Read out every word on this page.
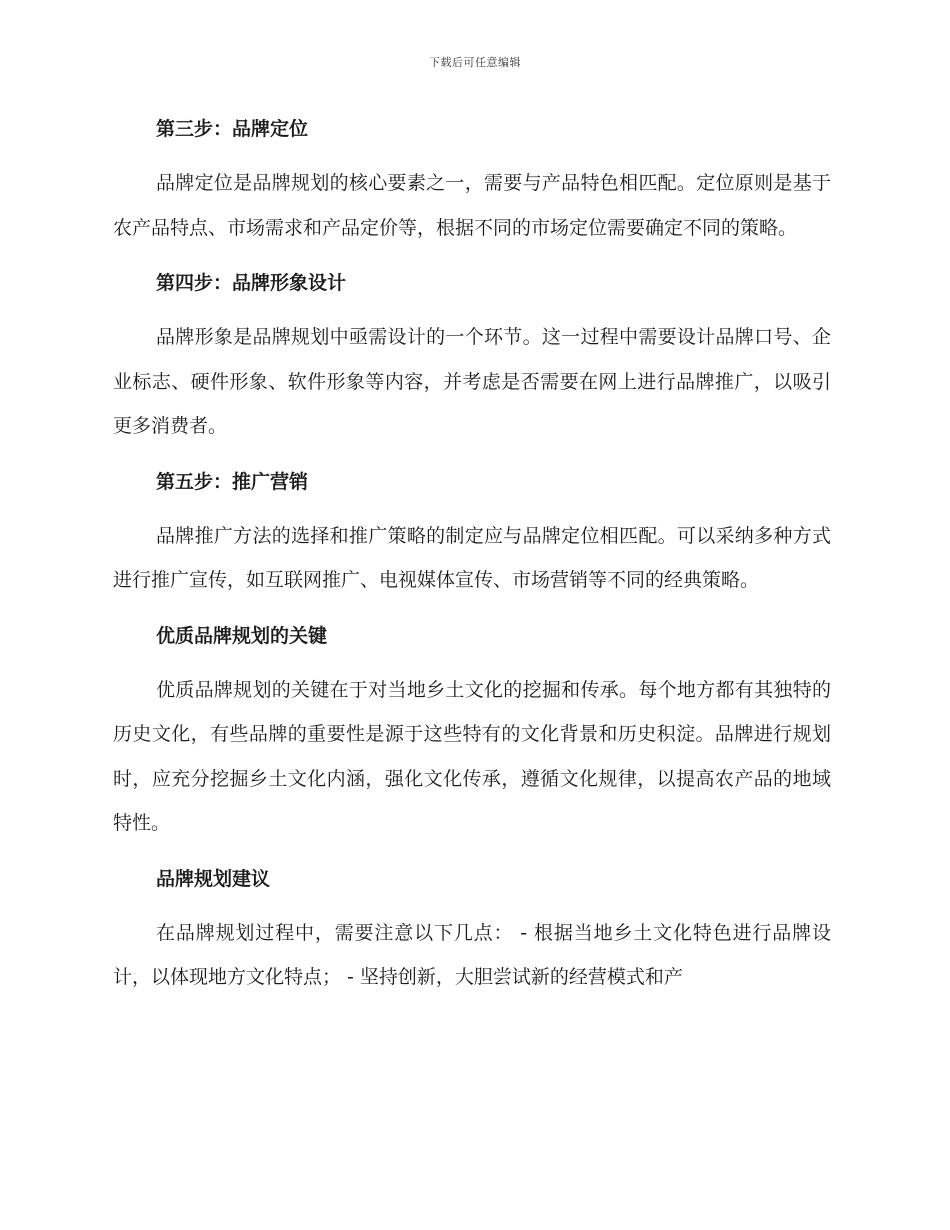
下载后可任意编辑
第三步：品牌定位

品牌定位是品牌规划的核心要素之一，需要与产品特色相匹配。定位原则是基于农产品特点、市场需求和产品定价等，根据不同的市场定位需要确定不同的策略。

第四步：品牌形象设计

品牌形象是品牌规划中亟需设计的一个环节。这一过程中需要设计品牌口号、企业标志、硬件形象、软件形象等内容，并考虑是否需要在网上进行品牌推广，以吸引更多消费者。

第五步：推广营销

品牌推广方法的选择和推广策略的制定应与品牌定位相匹配。可以采纳多种方式进行推广宣传，如互联网推广、电视媒体宣传、市场营销等不同的经典策略。

优质品牌规划的关键

优质品牌规划的关键在于对当地乡土文化的挖掘和传承。每个地方都有其独特的历史文化，有些品牌的重要性是源于这些特有的文化背景和历史积淀。品牌进行规划时，应充分挖掘乡土文化内涵，强化文化传承，遵循文化规律，以提高农产品的地域特性。

品牌规划建议

在品牌规划过程中，需要注意以下几点： - 根据当地乡土文化特色进行品牌设计，以体现地方文化特点； - 坚持创新，大胆尝试新的经营模式和产
